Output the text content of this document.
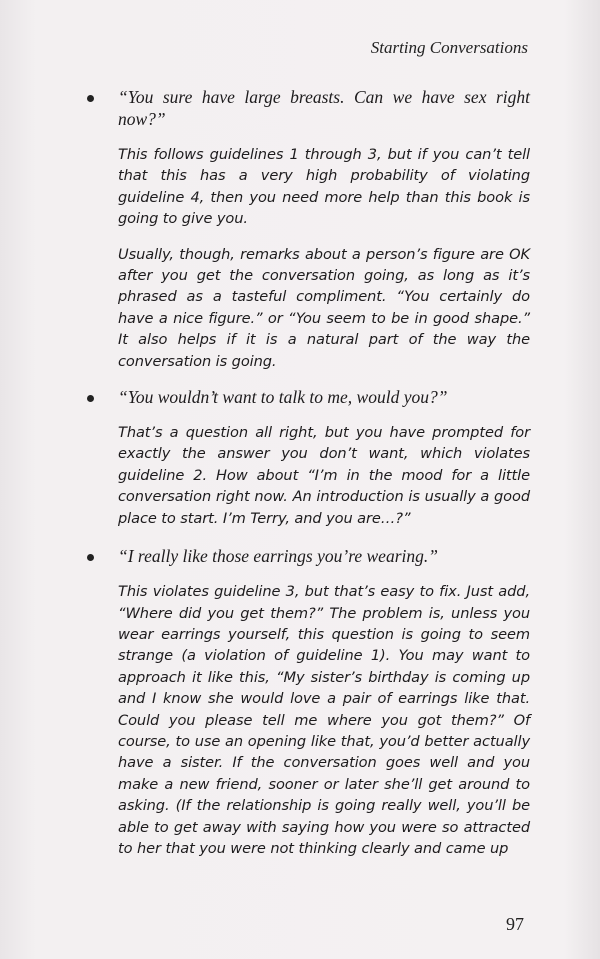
Starting Conversations

“You sure have large breasts. Can we have sex right now?”

This follows guidelines 1 through 3, but if you can’t tell that this has a very high probability of violating guideline 4, then you need more help than this book is going to give you.

Usually, though, remarks about a person’s figure are OK after you get the conversation going, as long as it’s phrased as a tasteful compliment. “You certainly do have a nice figure.” or “You seem to be in good shape.” It also helps if it is a natural part of the way the conversation is going.

“You wouldn’t want to talk to me, would you?”

That’s a question all right, but you have prompted for exactly the answer you don’t want, which violates guideline 2. How about “I’m in the mood for a little conversation right now. An introduction is usually a good place to start. I’m Terry, and you are…?”

“I really like those earrings you’re wearing.”

This violates guideline 3, but that’s easy to fix. Just add, “Where did you get them?” The problem is, unless you wear earrings yourself, this question is going to seem strange (a violation of guideline 1). You may want to approach it like this, “My sister’s birthday is coming up and I know she would love a pair of earrings like that. Could you please tell me where you got them?” Of course, to use an opening like that, you’d better actually have a sister. If the conversation goes well and you make a new friend, sooner or later she’ll get around to asking. (If the relationship is going really well, you’ll be able to get away with saying how you were so attracted to her that you were not thinking clearly and came up

97
